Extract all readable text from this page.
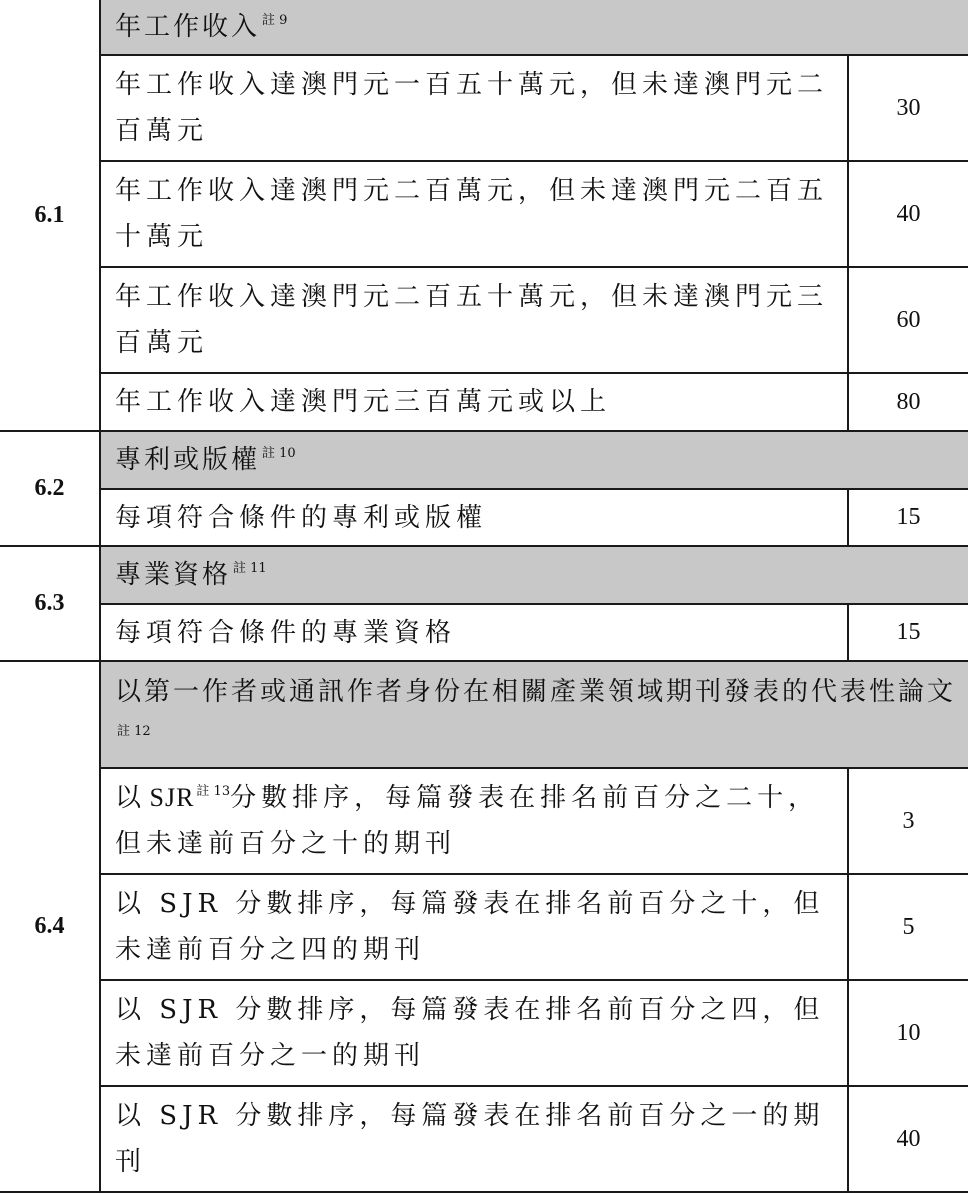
6.1	年工作收入 $^{註 9}$
	年工作收入達澳門元一百五十萬元，但未達澳門元二百萬元	30
	年工作收入達澳門元二百萬元，但未達澳門元二百五十萬元	40
	年工作收入達澳門元二百五十萬元，但未達澳門元三百萬元	60
	年工作收入達澳門元三百萬元或以上	80
6.2	專利或版權 $^{註 10}$
	每項符合條件的專利或版權	15
6.3	專業資格 $^{註 11}$
	每項符合條件的專業資格	15
6.4	以第一作者或通訊作者身份在相關產業領域期刊發表的代表性論文$^{註 12}$
	以 SJR $^{註 13}$分數排序，每篇發表在排名前百分之二十，但未達前百分之十的期刊	3
	以 SJR 分數排序，每篇發表在排名前百分之十，但未達前百分之四的期刊	5
	以 SJR 分數排序，每篇發表在排名前百分之四，但未達前百分之一的期刊	10
	以 SJR 分數排序，每篇發表在排名前百分之一的期刊	40
